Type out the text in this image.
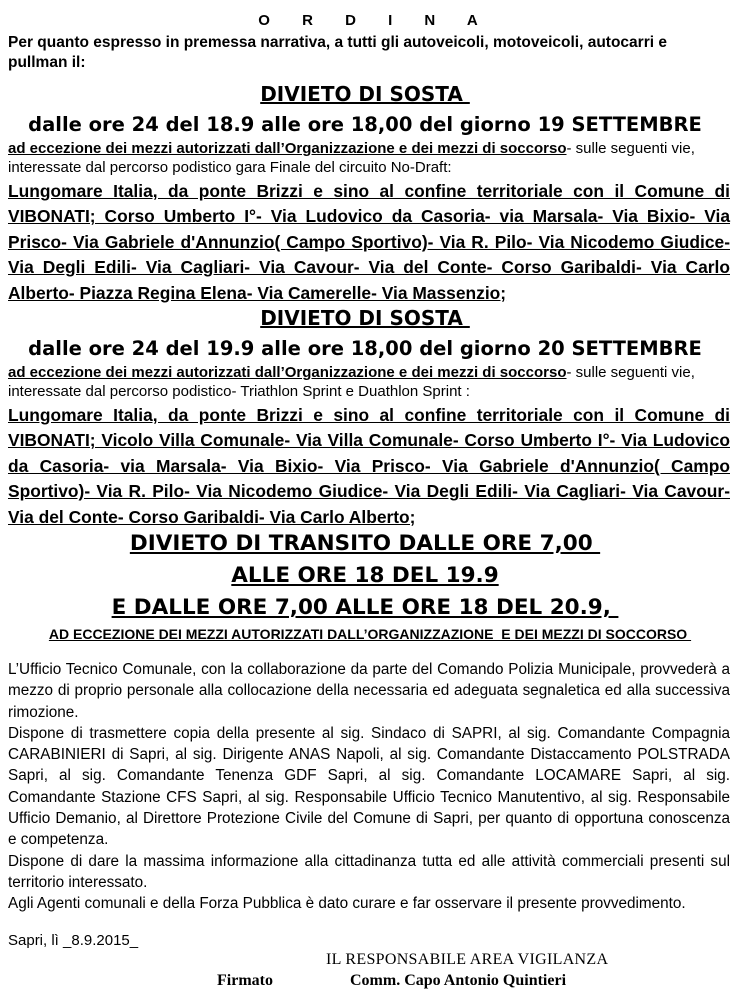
O R D I N A
Per quanto espresso in premessa narrativa, a tutti gli autoveicoli, motoveicoli, autocarri e pullman il:
DIVIETO DI SOSTA
dalle ore 24 del 18.9 alle ore 18,00 del giorno 19 SETTEMBRE
ad eccezione dei mezzi autorizzati dall’Organizzazione e dei mezzi di soccorso- sulle seguenti vie, interessate dal percorso podistico gara Finale del circuito No-Draft:
Lungomare Italia, da ponte Brizzi e sino al confine territoriale con il Comune di VIBONATI; Corso Umberto I°- Via Ludovico da Casoria- via Marsala- Via Bixio- Via Prisco- Via Gabriele d'Annunzio( Campo Sportivo)- Via R. Pilo- Via Nicodemo Giudice- Via Degli Edili- Via Cagliari- Via Cavour- Via del Conte- Corso Garibaldi- Via Carlo Alberto- Piazza Regina Elena- Via Camerelle- Via Massenzio;
DIVIETO DI SOSTA
dalle ore 24 del 19.9 alle ore 18,00 del giorno 20 SETTEMBRE
ad eccezione dei mezzi autorizzati dall’Organizzazione e dei mezzi di soccorso- sulle seguenti vie, interessate dal percorso podistico- Triathlon Sprint e Duathlon Sprint :
Lungomare Italia, da ponte Brizzi e sino al confine territoriale con il Comune di VIBONATI; Vicolo Villa Comunale- Via Villa Comunale- Corso Umberto I°- Via Ludovico da Casoria- via Marsala- Via Bixio- Via Prisco- Via Gabriele d'Annunzio( Campo Sportivo)- Via R. Pilo- Via Nicodemo Giudice- Via Degli Edili- Via Cagliari- Via Cavour- Via del Conte- Corso Garibaldi- Via Carlo Alberto;
DIVIETO DI TRANSITO DALLE ORE 7,00
ALLE ORE 18 DEL 19.9
E DALLE ORE 7,00 ALLE ORE 18 DEL 20.9,
AD ECCEZIONE DEI MEZZI AUTORIZZATI DALL’ORGANIZZAZIONE  E DEI MEZZI DI SOCCORSO

L’Ufficio Tecnico Comunale, con la collaborazione da parte del Comando Polizia Municipale, provvederà a mezzo di proprio personale alla collocazione della necessaria ed adeguata segnaletica ed alla successiva rimozione.

Dispone di trasmettere copia della presente al sig. Sindaco di SAPRI, al sig. Comandante Compagnia CARABINIERI di Sapri, al sig. Dirigente ANAS Napoli, al sig. Comandante Distaccamento POLSTRADA Sapri, al sig. Comandante Tenenza GDF Sapri, al sig. Comandante LOCAMARE Sapri, al sig. Comandante Stazione CFS Sapri, al sig. Responsabile Ufficio Tecnico Manutentivo, al sig. Responsabile Ufficio Demanio, al Direttore Protezione Civile del Comune di Sapri, per quanto di opportuna conoscenza e competenza.

Dispone di dare la massima informazione alla cittadinanza tutta ed alle attività commerciali presenti sul territorio interessato.

Agli Agenti comunali e della Forza Pubblica è dato curare e far osservare il presente provvedimento.

Sapri, lì _8.9.2015_
IL RESPONSABILE AREA VIGILANZA
Firmato	Comm. Capo Antonio Quintieri
